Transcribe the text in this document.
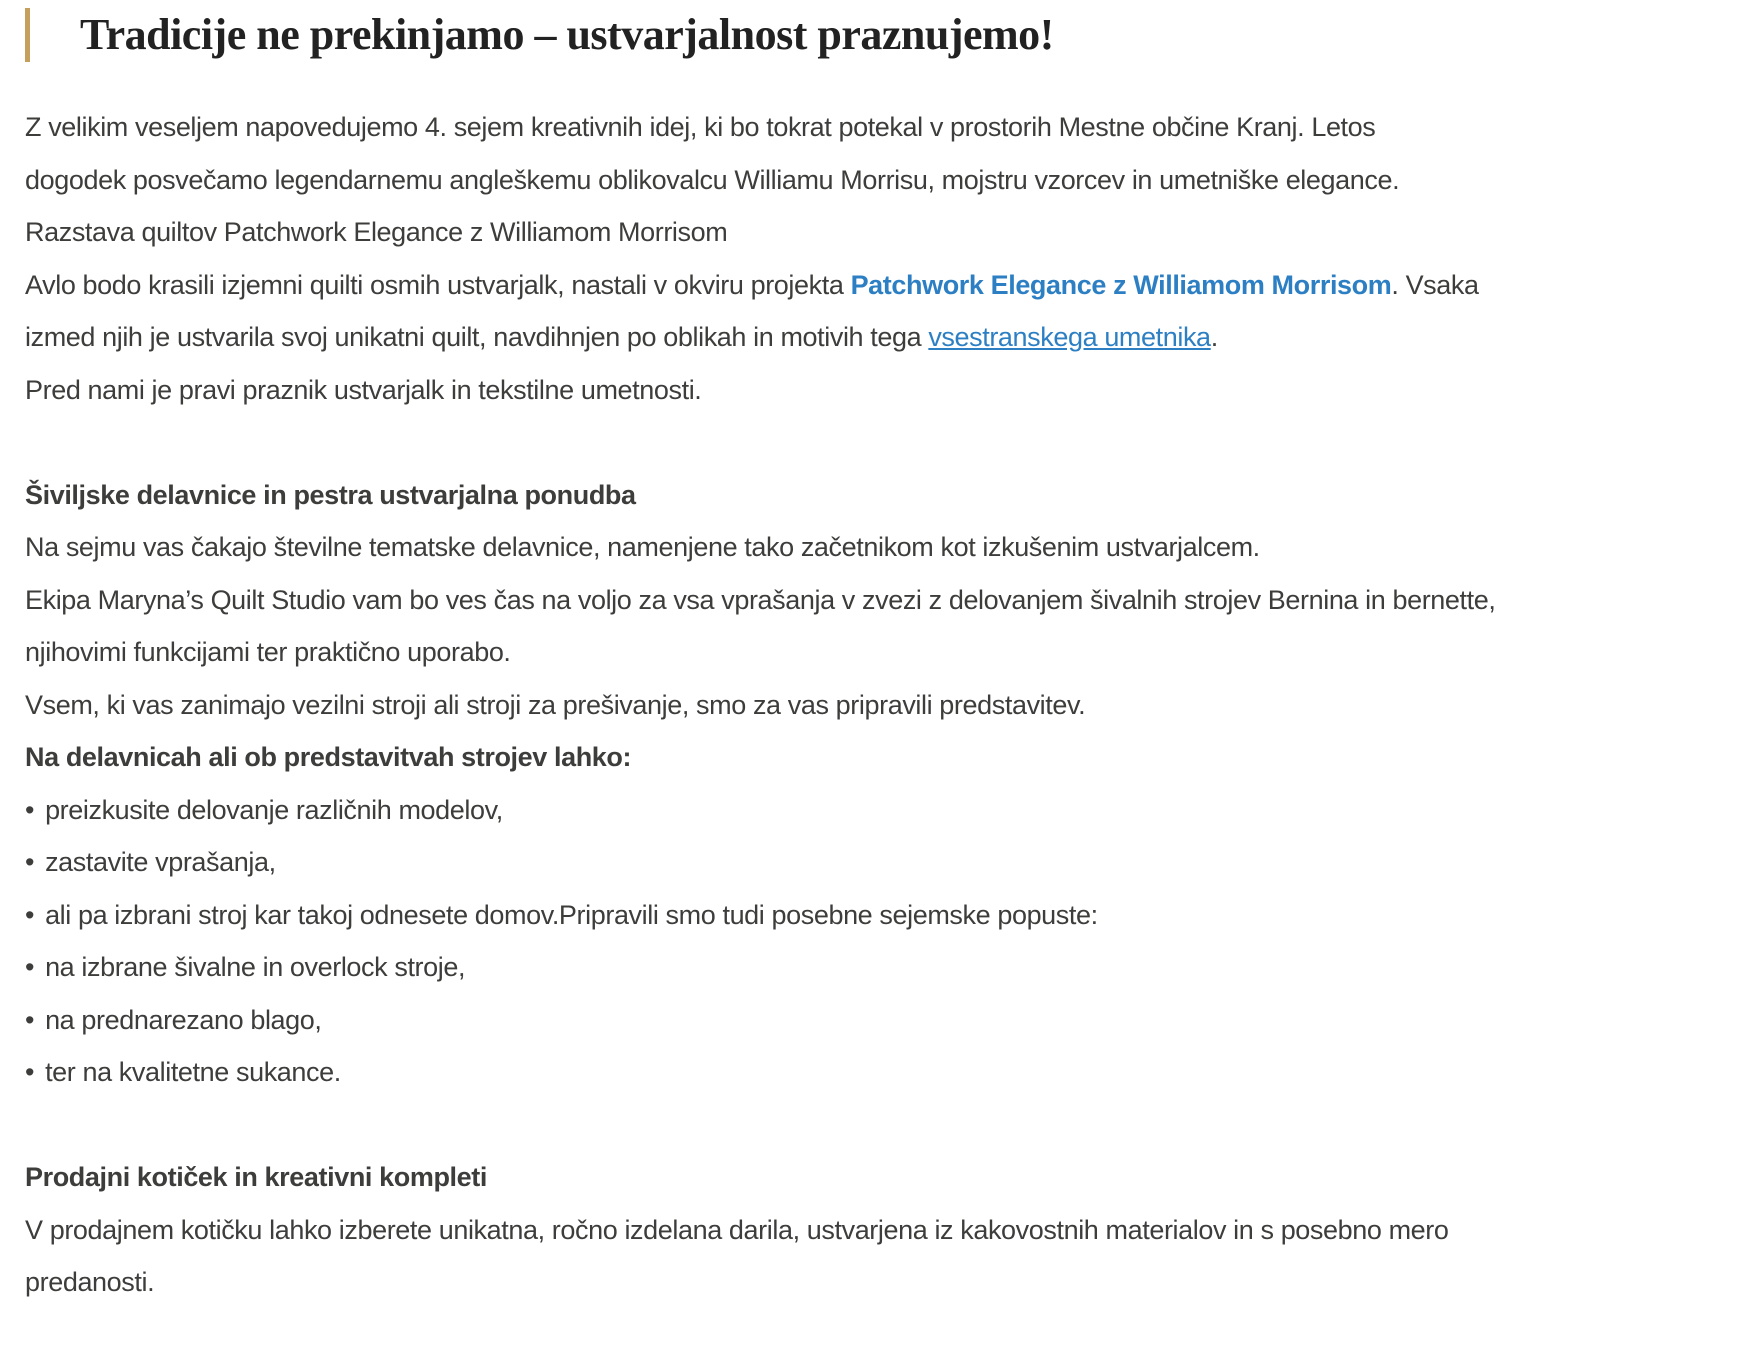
Tradicije ne prekinjamo – ustvarjalnost praznujemo!
Z velikim veseljem napovedujemo 4. sejem kreativnih idej, ki bo tokrat potekal v prostorih Mestne občine Kranj. Letos
dogodek posvečamo legendarnemu angleškemu oblikovalcu Williamu Morrisu, mojstru vzorcev in umetniške elegance.
Razstava quiltov Patchwork Elegance z Williamom Morrisom
Avlo bodo krasili izjemni quilti osmih ustvarjalk, nastali v okviru projekta Patchwork Elegance z Williamom Morrisom. Vsaka
izmed njih je ustvarila svoj unikatni quilt, navdihnjen po oblikah in motivih tega vsestranskega umetnika.
Pred nami je pravi praznik ustvarjalk in tekstilne umetnosti.
Šiviljske delavnice in pestra ustvarjalna ponudba
Na sejmu vas čakajo številne tematske delavnice, namenjene tako začetnikom kot izkušenim ustvarjalcem.
Ekipa Maryna’s Quilt Studio vam bo ves čas na voljo za vsa vprašanja v zvezi z delovanjem šivalnih strojev Bernina in bernette,
njihovimi funkcijami ter praktično uporabo.
Vsem, ki vas zanimajo vezilni stroji ali stroji za prešivanje, smo za vas pripravili predstavitev.
Na delavnicah ali ob predstavitvah strojev lahko:
• preizkusite delovanje različnih modelov,
• zastavite vprašanja,
• ali pa izbrani stroj kar takoj odnesete domov.Pripravili smo tudi posebne sejemske popuste:
• na izbrane šivalne in overlock stroje,
• na prednarezano blago,
• ter na kvalitetne sukance.
Prodajni kotiček in kreativni kompleti
V prodajnem kotičku lahko izberete unikatna, ročno izdelana darila, ustvarjena iz kakovostnih materialov in s posebno mero
predanosti.
